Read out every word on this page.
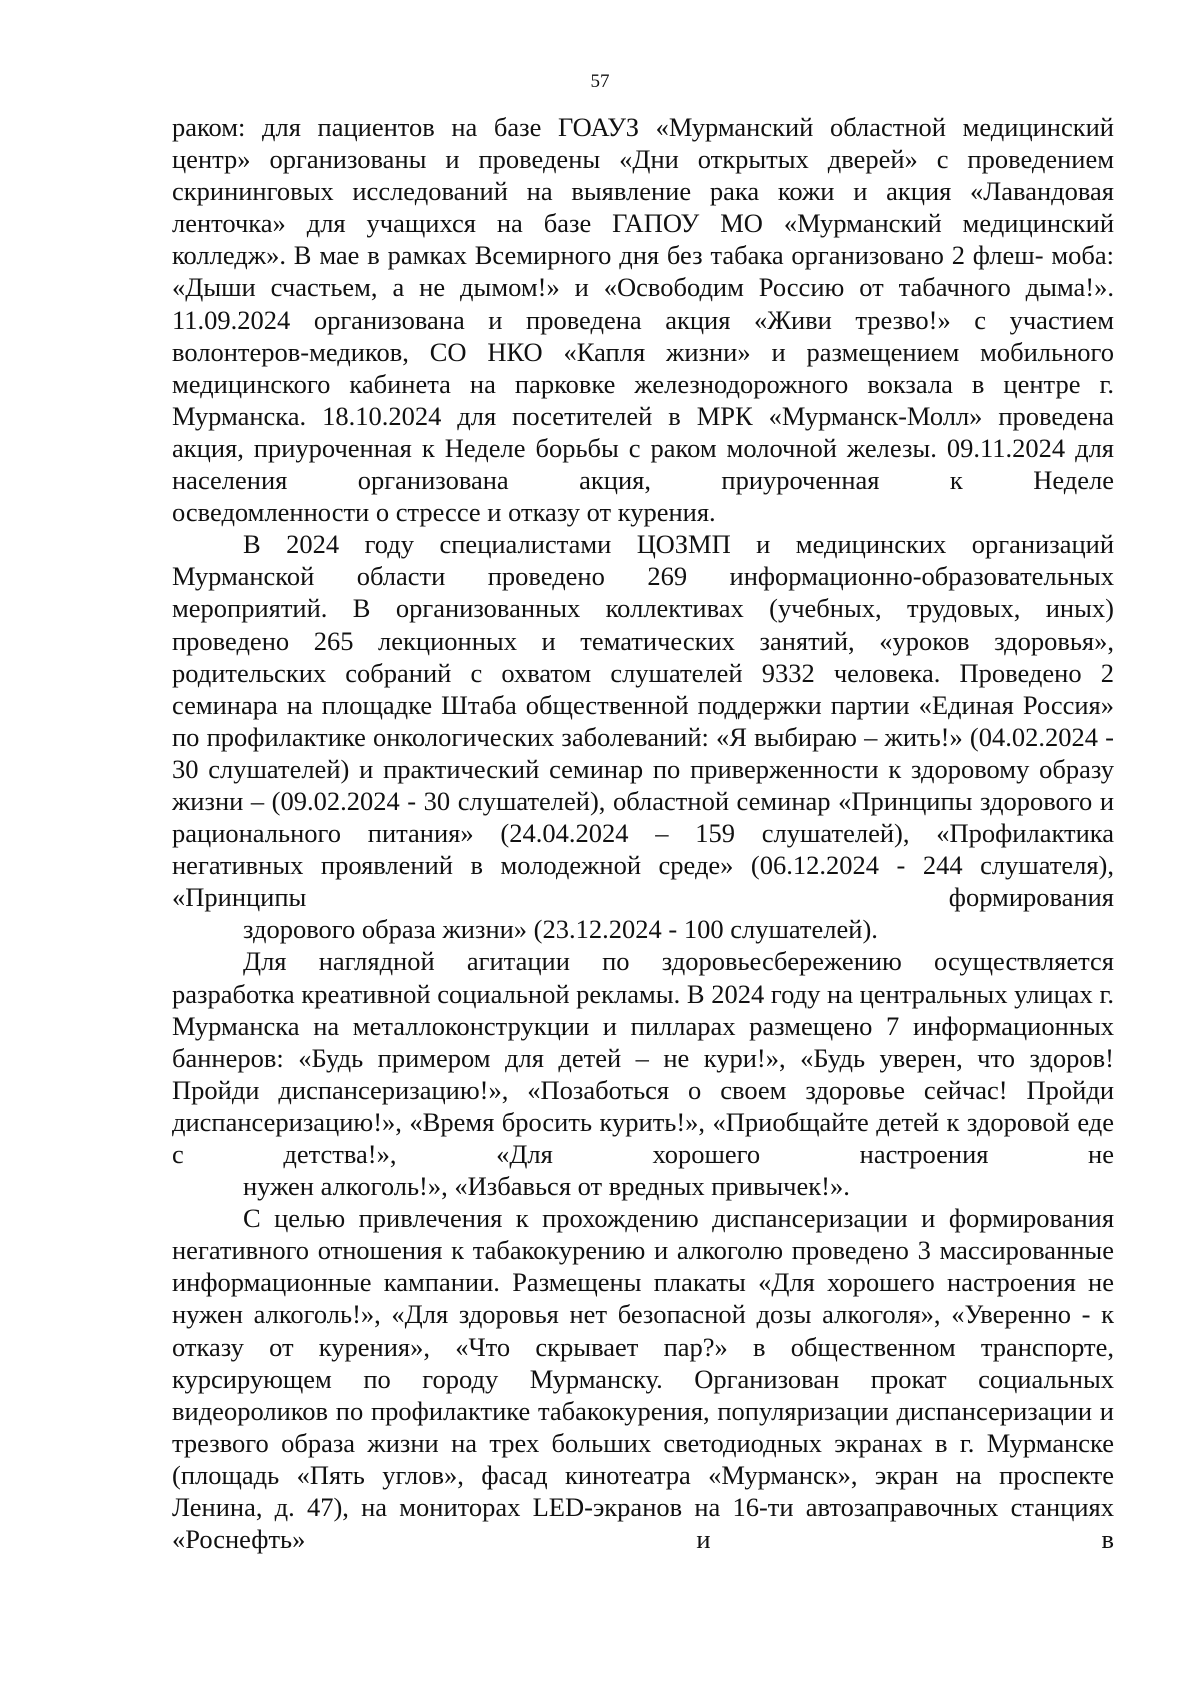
57
раком: для пациентов на базе ГОАУЗ «Мурманский областной медицинский центр» организованы и проведены «Дни открытых дверей» с проведением скрининговых исследований на выявление рака кожи и акция «Лавандовая ленточка» для учащихся на базе ГАПОУ МО «Мурманский медицинский колледж». В мае в рамках Всемирного дня без табака организовано 2 флеш- моба: «Дыши счастьем, а не дымом!» и «Освободим Россию от табачного дыма!». 11.09.2024 организована и проведена акция «Живи трезво!» с участием волонтеров-медиков, СО НКО «Капля жизни» и размещением мобильного медицинского кабинета на парковке железнодорожного вокзала в центре г. Мурманска. 18.10.2024 для посетителей в МРК «Мурманск-Молл» проведена акция, приуроченная к Неделе борьбы с раком молочной железы. 09.11.2024 для населения организована акция, приуроченная к Неделе
осведомленности о стрессе и отказу от курения.
В 2024 году специалистами ЦОЗМП и медицинских организаций Мурманской области проведено 269 информационно-образовательных мероприятий. В организованных коллективах (учебных, трудовых, иных) проведено 265 лекционных и тематических занятий, «уроков здоровья», родительских собраний с охватом слушателей 9332 человека. Проведено 2 семинара на площадке Штаба общественной поддержки партии «Единая Россия» по профилактике онкологических заболеваний: «Я выбираю – жить!» (04.02.2024 - 30 слушателей) и практический семинар по приверженности к здоровому образу жизни – (09.02.2024 - 30 слушателей), областной семинар «Принципы здорового и рационального питания» (24.04.2024 – 159 слушателей), «Профилактика негативных проявлений в молодежной среде» (06.12.2024 - 244 слушателя), «Принципы формирования
здорового образа жизни» (23.12.2024 - 100 слушателей).
Для наглядной агитации по здоровьесбережению осуществляется разработка креативной социальной рекламы. В 2024 году на центральных улицах г. Мурманска на металлоконструкции и пилларах размещено 7 информационных баннеров: «Будь примером для детей – не кури!», «Будь уверен, что здоров! Пройди диспансеризацию!», «Позаботься о своем здоровье сейчас! Пройди диспансеризацию!», «Время бросить курить!», «Приобщайте детей к здоровой еде с детства!», «Для хорошего настроения не
нужен алкоголь!», «Избавься от вредных привычек!».
С целью привлечения к прохождению диспансеризации и формирования негативного отношения к табакокурению и алкоголю проведено 3 массированные информационные кампании. Размещены плакаты «Для хорошего настроения не нужен алкоголь!», «Для здоровья нет безопасной дозы алкоголя», «Уверенно - к отказу от курения», «Что скрывает пар?» в общественном транспорте, курсирующем по городу Мурманску. Организован прокат социальных видеороликов по профилактике табакокурения, популяризации диспансеризации и трезвого образа жизни на трех больших светодиодных экранах в г. Мурманске (площадь «Пять углов», фасад кинотеатра «Мурманск», экран на проспекте Ленина, д. 47), на мониторах LED-экранов на 16-ти автозаправочных станциях «Роснефть» и в
